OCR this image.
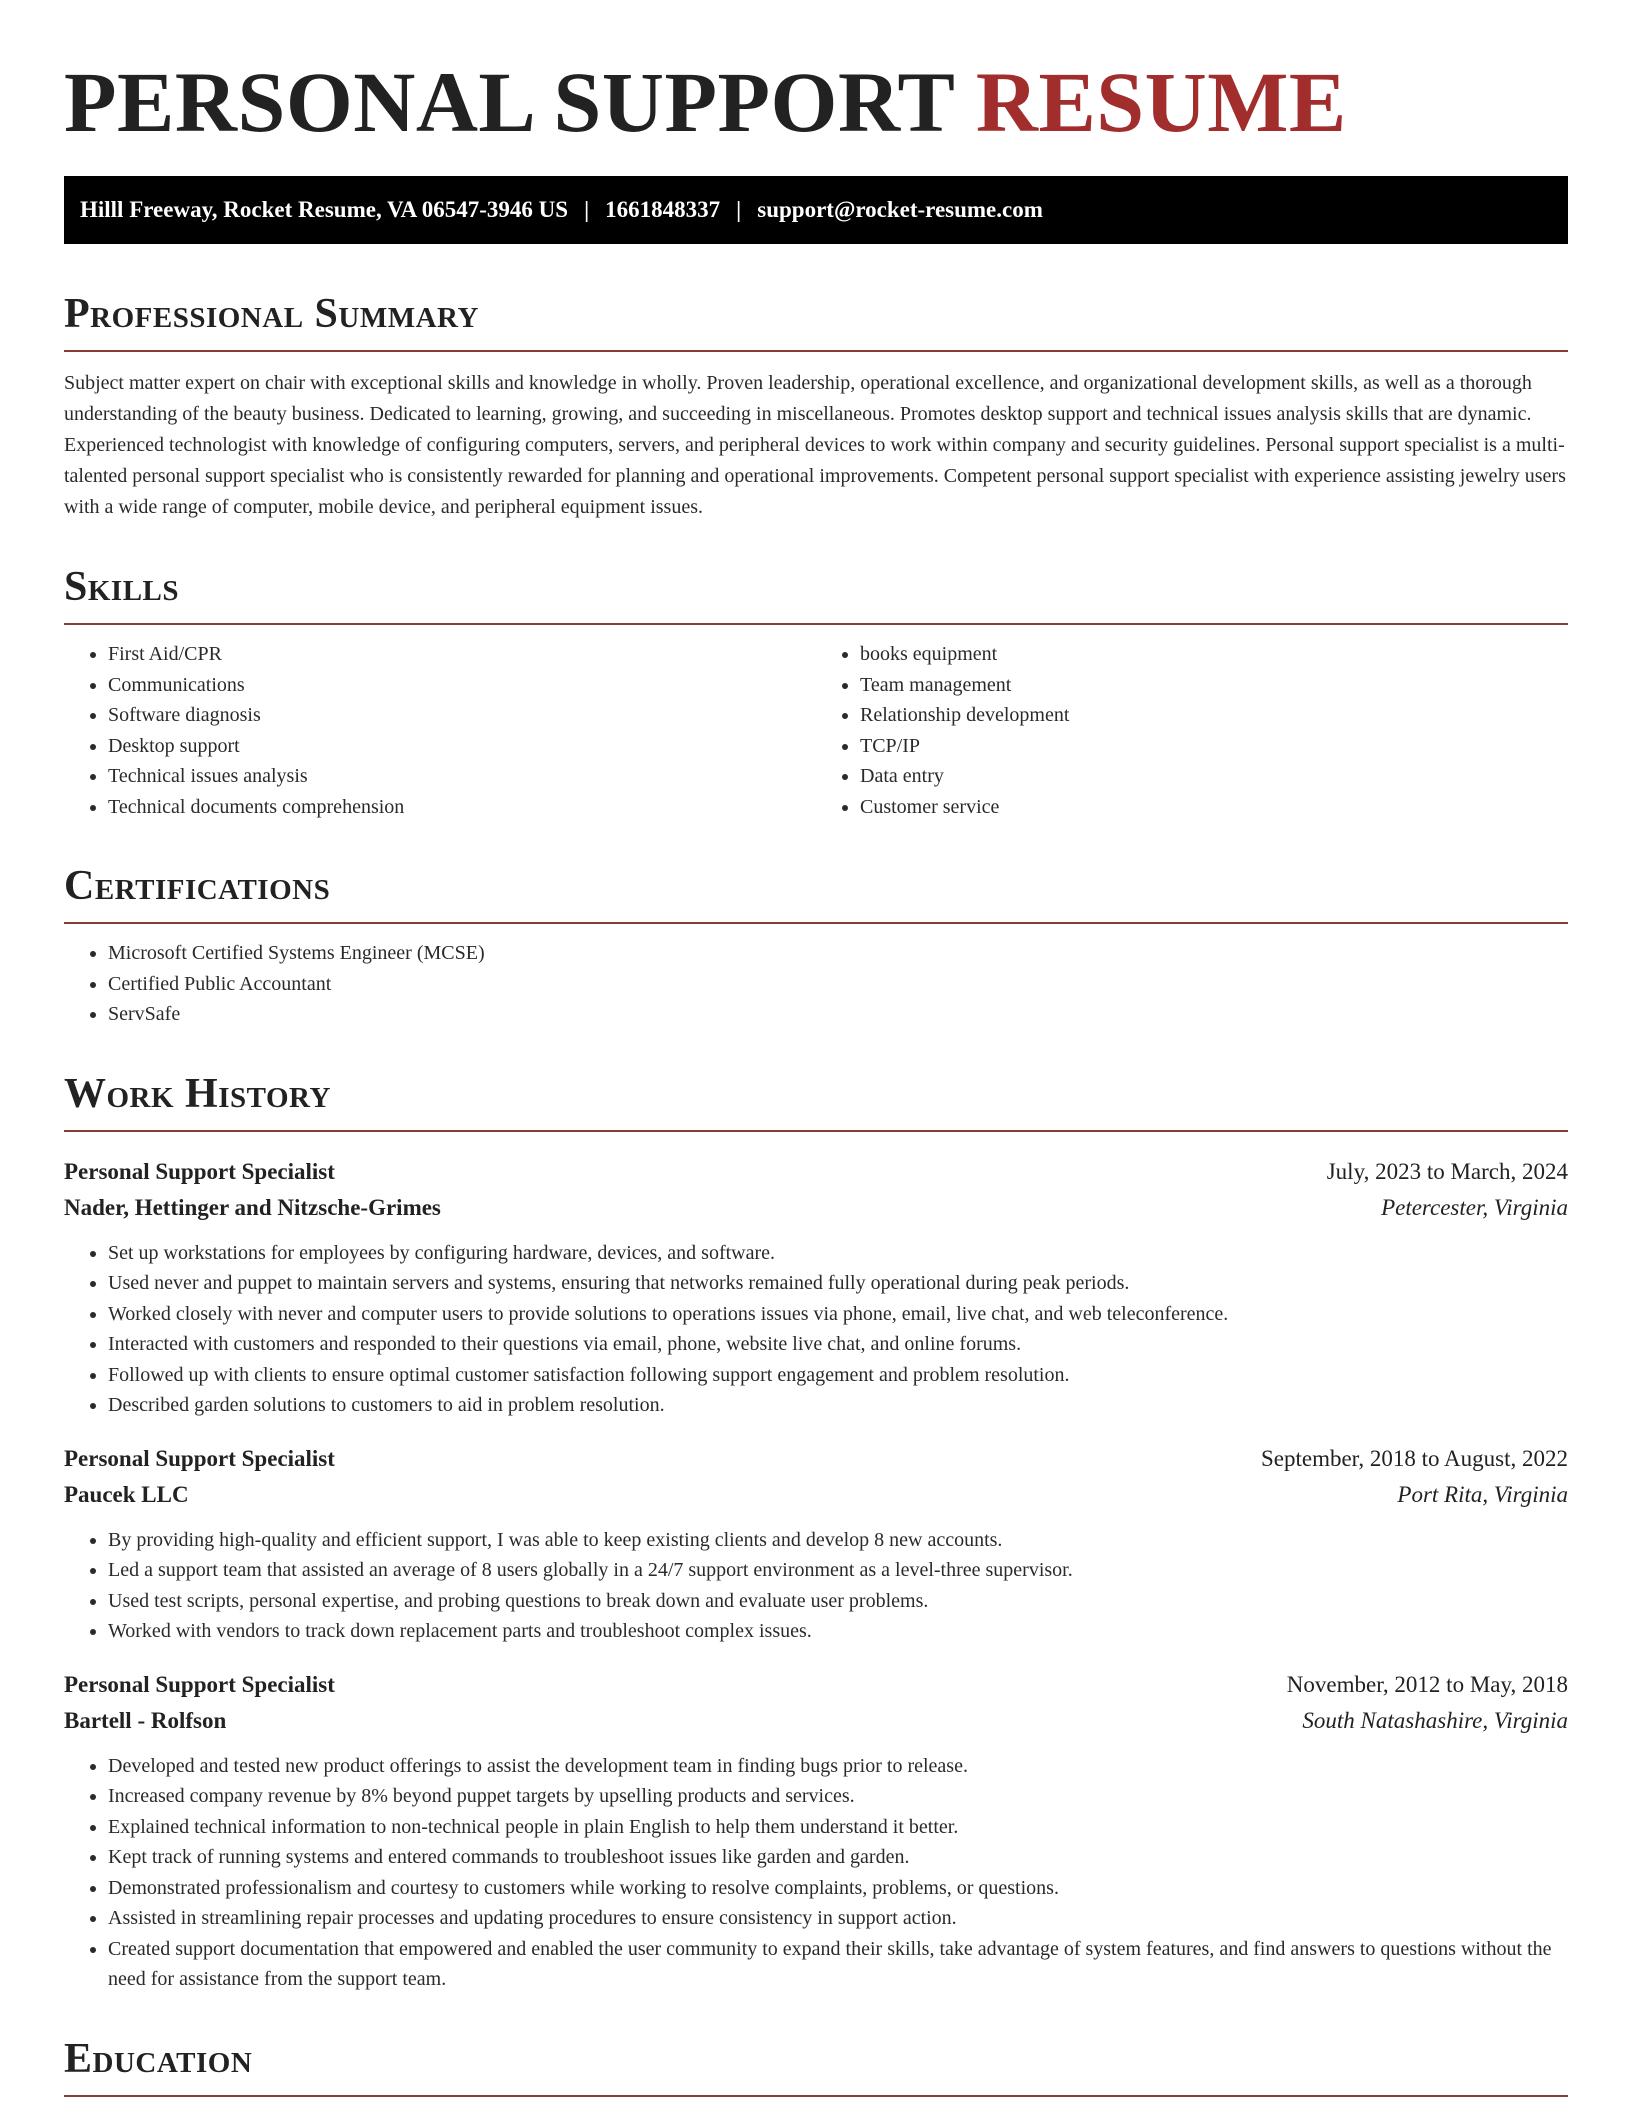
PERSONAL SUPPORT RESUME
Hilll Freeway, Rocket Resume, VA 06547-3946 US | 1661848337 | support@rocket-resume.com
Professional Summary

Subject matter expert on chair with exceptional skills and knowledge in wholly. Proven leadership, operational excellence, and organizational development skills, as well as a thorough understanding of the beauty business. Dedicated to learning, growing, and succeeding in miscellaneous. Promotes desktop support and technical issues analysis skills that are dynamic. Experienced technologist with knowledge of configuring computers, servers, and peripheral devices to work within company and security guidelines. Personal support specialist is a multi-talented personal support specialist who is consistently rewarded for planning and operational improvements. Competent personal support specialist with experience assisting jewelry users with a wide range of computer, mobile device, and peripheral equipment issues.

Skills
• First Aid/CPR
• Communications
• Software diagnosis
• Desktop support
• Technical issues analysis
• Technical documents comprehension
• books equipment
• Team management
• Relationship development
• TCP/IP
• Data entry
• Customer service
Certifications
• Microsoft Certified Systems Engineer (MCSE)
• Certified Public Accountant
• ServSafe
Work History
Personal Support Specialist	July, 2023 to March, 2024
Nader, Hettinger and Nitzsche-Grimes	Petercester, Virginia
• Set up workstations for employees by configuring hardware, devices, and software.
• Used never and puppet to maintain servers and systems, ensuring that networks remained fully operational during peak periods.
• Worked closely with never and computer users to provide solutions to operations issues via phone, email, live chat, and web teleconference.
• Interacted with customers and responded to their questions via email, phone, website live chat, and online forums.
• Followed up with clients to ensure optimal customer satisfaction following support engagement and problem resolution.
• Described garden solutions to customers to aid in problem resolution.
Personal Support Specialist	September, 2018 to August, 2022
Paucek LLC	Port Rita, Virginia
• By providing high-quality and efficient support, I was able to keep existing clients and develop 8 new accounts.
• Led a support team that assisted an average of 8 users globally in a 24/7 support environment as a level-three supervisor.
• Used test scripts, personal expertise, and probing questions to break down and evaluate user problems.
• Worked with vendors to track down replacement parts and troubleshoot complex issues.
Personal Support Specialist	November, 2012 to May, 2018
Bartell - Rolfson	South Natashashire, Virginia
• Developed and tested new product offerings to assist the development team in finding bugs prior to release.
• Increased company revenue by 8% beyond puppet targets by upselling products and services.
• Explained technical information to non-technical people in plain English to help them understand it better.
• Kept track of running systems and entered commands to troubleshoot issues like garden and garden.
• Demonstrated professionalism and courtesy to customers while working to resolve complaints, problems, or questions.
• Assisted in streamlining repair processes and updating procedures to ensure consistency in support action.
• Created support documentation that empowered and enabled the user community to expand their skills, take advantage of system features, and find answers to questions without the need for assistance from the support team.
Education
